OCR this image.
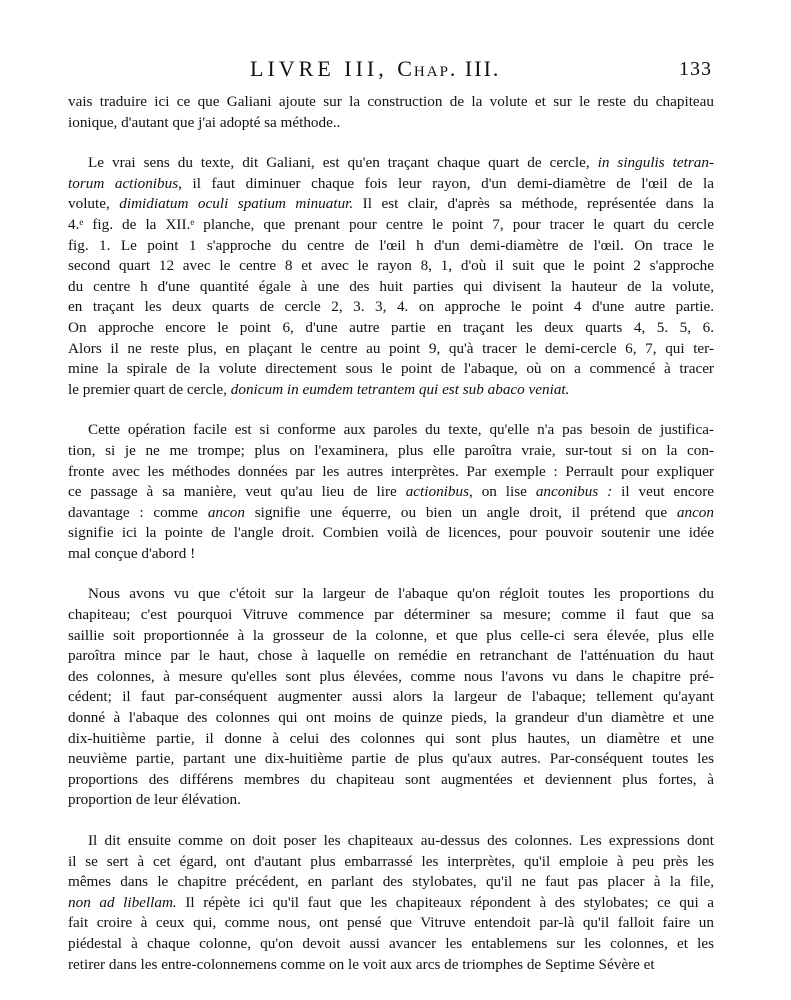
LIVRE III, Chap. III.	133

vais traduire ici ce que Galiani ajoute sur la construction de la volute et sur le reste du chapiteau
ionique, d'autant que j'ai adopté sa méthode..

Le vrai sens du texte, dit Galiani, est qu'en traçant chaque quart de cercle, in singulis tetran-
torum actionibus, il faut diminuer chaque fois leur rayon, d'un demi-diamètre de l'œil de la
volute, dimidiatum oculi spatium minuatur. Il est clair, d'après sa méthode, représentée dans la
4.ᵉ fig. de la XII.ᵉ planche, que prenant pour centre le point 7, pour tracer le quart du cercle
fig. 1. Le point 1 s'approche du centre de l'œil h d'un demi-diamètre de l'œil. On trace le
second quart 12 avec le centre 8 et avec le rayon 8, 1, d'où il suit que le point 2 s'approche
du centre h d'une quantité égale à une des huit parties qui divisent la hauteur de la volute,
en traçant les deux quarts de cercle 2, 3. 3, 4. on approche le point 4 d'une autre partie.
On approche encore le point 6, d'une autre partie en traçant les deux quarts 4, 5. 5, 6.
Alors il ne reste plus, en plaçant le centre au point 9, qu'à tracer le demi-cercle 6, 7, qui ter-
mine la spirale de la volute directement sous le point de l'abaque, où on a commencé à tracer
le premier quart de cercle, donicum in eumdem tetrantem qui est sub abaco veniat.

Cette opération facile est si conforme aux paroles du texte, qu'elle n'a pas besoin de justifica-
tion, si je ne me trompe; plus on l'examinera, plus elle paroîtra vraie, sur-tout si on la con-
fronte avec les méthodes données par les autres interprètes. Par exemple : Perrault pour expliquer
ce passage à sa manière, veut qu'au lieu de lire actionibus, on lise anconibus : il veut encore
davantage : comme ancon signifie une équerre, ou bien un angle droit, il prétend que ancon
signifie ici la pointe de l'angle droit. Combien voilà de licences, pour pouvoir soutenir une idée
mal conçue d'abord !

Nous avons vu que c'étoit sur la largeur de l'abaque qu'on régloit toutes les proportions du
chapiteau; c'est pourquoi Vitruve commence par déterminer sa mesure; comme il faut que sa
saillie soit proportionnée à la grosseur de la colonne, et que plus celle-ci sera élevée, plus elle
paroîtra mince par le haut, chose à laquelle on remédie en retranchant de l'atténuation du haut
des colonnes, à mesure qu'elles sont plus élevées, comme nous l'avons vu dans le chapitre pré-
cédent; il faut par-conséquent augmenter aussi alors la largeur de l'abaque; tellement qu'ayant
donné à l'abaque des colonnes qui ont moins de quinze pieds, la grandeur d'un diamètre et une
dix-huitième partie, il donne à celui des colonnes qui sont plus hautes, un diamètre et une
neuvième partie, partant une dix-huitième partie de plus qu'aux autres. Par-conséquent toutes les
proportions des différens membres du chapiteau sont augmentées et deviennent plus fortes, à
proportion de leur élévation.

Il dit ensuite comme on doit poser les chapiteaux au-dessus des colonnes. Les expressions dont
il se sert à cet égard, ont d'autant plus embarrassé les interprètes, qu'il emploie à peu près les
mêmes dans le chapitre précédent, en parlant des stylobates, qu'il ne faut pas placer à la file,
non ad libellam. Il répète ici qu'il faut que les chapiteaux répondent à des stylobates; ce qui a
fait croire à ceux qui, comme nous, ont pensé que Vitruve entendoit par-là qu'il falloit faire un
piédestal à chaque colonne, qu'on devoit aussi avancer les entablemens sur les colonnes, et les
retirer dans les entre-colonnemens comme on le voit aux arcs de triomphes de Septime Sévère et
